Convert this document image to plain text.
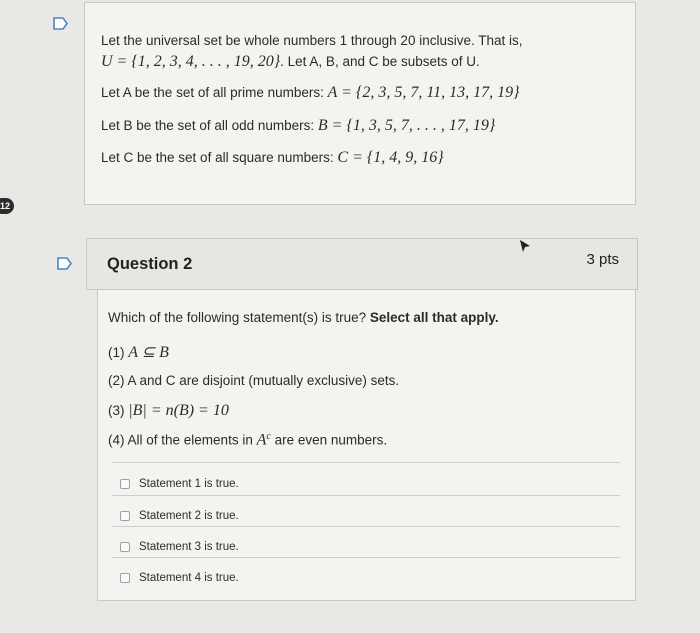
Let the universal set be whole numbers 1 through 20 inclusive. That is,
U = {1, 2, 3, 4, . . . , 19, 20}. Let A, B, and C be subsets of U.
Let A be the set of all prime numbers: A = {2, 3, 5, 7, 11, 13, 17, 19}
Let B be the set of all odd numbers: B = {1, 3, 5, 7, . . . , 17, 19}
Let C be the set of all square numbers: C = {1, 4, 9, 16}
12
Question 2	3 pts
Which of the following statement(s) is true? Select all that apply.
(1) A ⊆ B
(2) A and C are disjoint (mutually exclusive) sets.
(3) |B| = n(B) = 10
(4) All of the elements in $A^c$ are even numbers.
Statement 1 is true.
Statement 2 is true.
Statement 3 is true.
Statement 4 is true.
